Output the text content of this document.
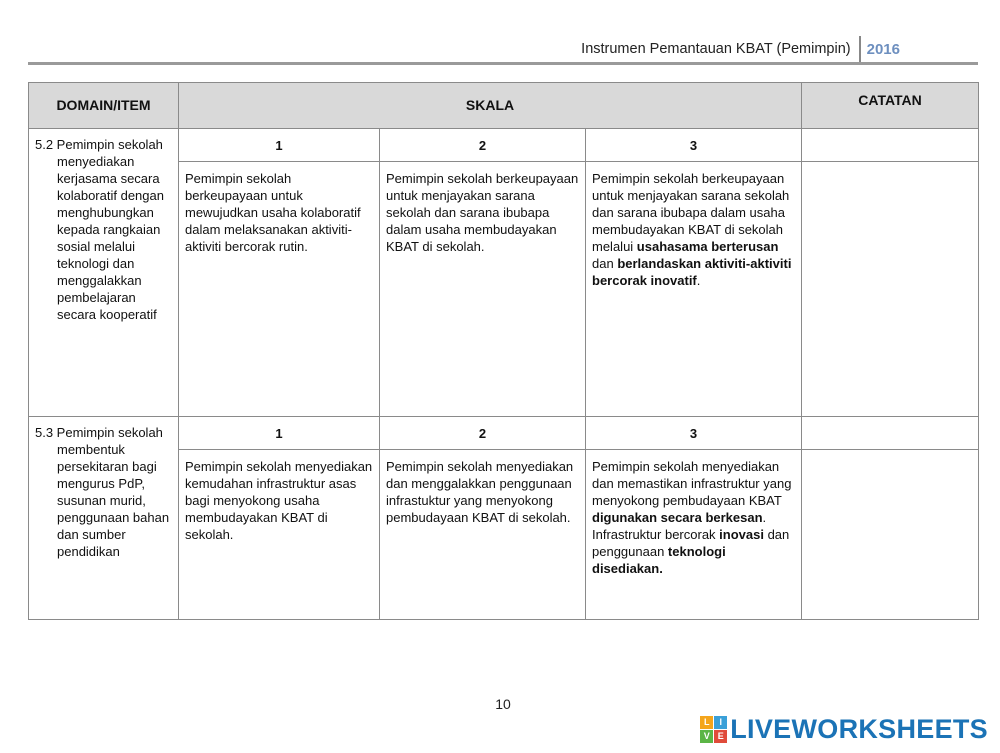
Instrumen Pemantauan KBAT (Pemimpin)	2016
DOMAIN/ITEM	SKALA			CATATAN

5.2 Pemimpin sekolah menyediakan kerjasama secara kolaboratif dengan menghubungkan kepada rangkaian sosial melalui teknologi dan menggalakkan pembelajaran secara kooperatif	1	2	3	
	Pemimpin sekolah berkeupayaan untuk mewujudkan usaha kolaboratif dalam melaksanakan aktiviti-aktiviti bercorak rutin.	Pemimpin sekolah berkeupayaan untuk menjayakan sarana sekolah dan sarana ibubapa dalam usaha membudayakan KBAT di sekolah.	Pemimpin sekolah berkeupayaan untuk menjayakan sarana sekolah dan sarana ibubapa dalam usaha membudayakan KBAT di sekolah melalui usahasama berterusan dan berlandaskan aktiviti-aktiviti bercorak inovatif.	

5.3 Pemimpin sekolah membentuk persekitaran bagi mengurus PdP, susunan murid, penggunaan bahan dan sumber pendidikan	1	2	3	
	Pemimpin sekolah menyediakan kemudahan infrastruktur asas bagi menyokong usaha membudayakan KBAT di sekolah.	Pemimpin sekolah menyediakan dan menggalakkan penggunaan infrastuktur yang menyokong pembudayaan KBAT di sekolah.	Pemimpin sekolah menyediakan dan memastikan infrastruktur yang menyokong pembudayaan KBAT digunakan secara berkesan. Infrastruktur bercorak inovasi dan penggunaan teknologi disediakan.	
10
L	I
V E LIVEWORKSHEETS
